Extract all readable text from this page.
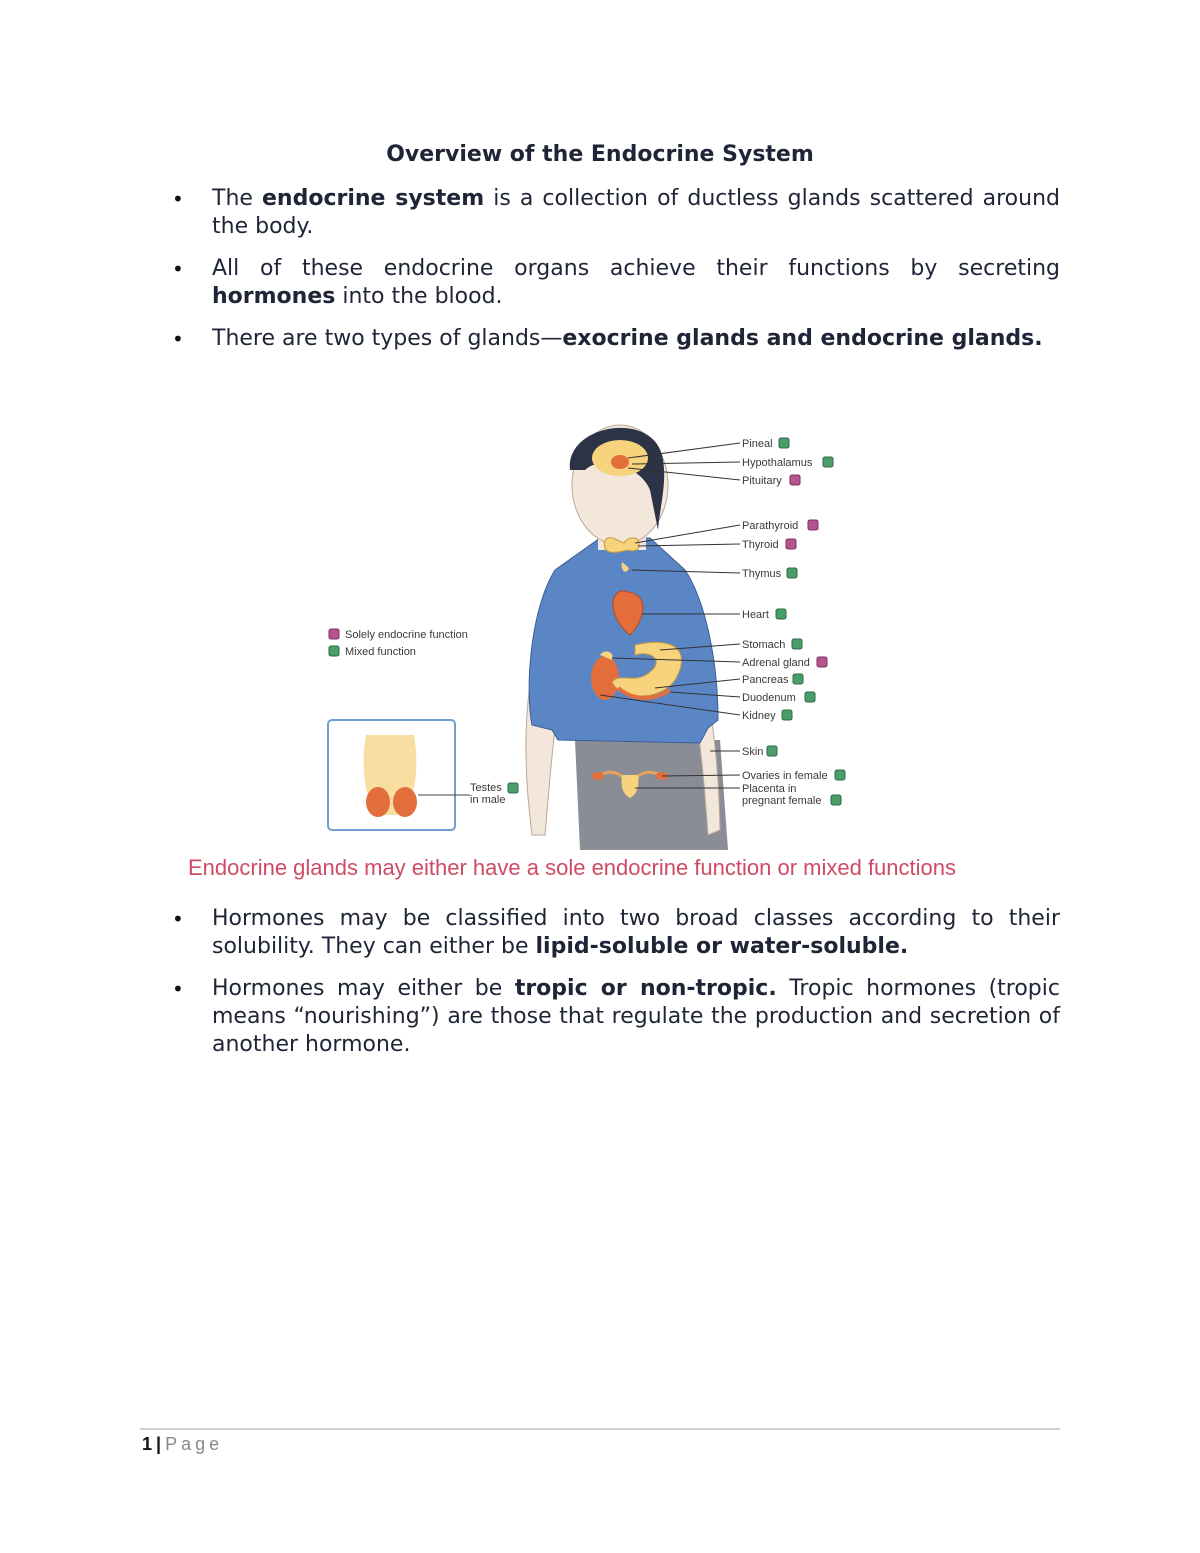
Overview of the Endocrine System
• The endocrine system is a collection of ductless glands scattered around the body.
• All of these endocrine organs achieve their functions by secreting hormones into the blood.
• There are two types of glands—exocrine glands and endocrine glands.
Solely endocrine function
Mixed function
Testes
in male
Pineal
Hypothalamus
Pituitary
Parathyroid
Thyroid
Thymus
Heart
Stomach
Adrenal gland
Pancreas
Duodenum
Kidney
Skin
Ovaries in female
Placenta in
pregnant female
Endocrine glands may either have a sole endocrine function or mixed functions
• Hormones may be classified into two broad classes according to their solubility. They can either be lipid-soluble or water-soluble.
• Hormones may either be tropic or non-tropic. Tropic hormones (tropic means “nourishing”) are those that regulate the production and secretion of another hormone.
1 | Page
